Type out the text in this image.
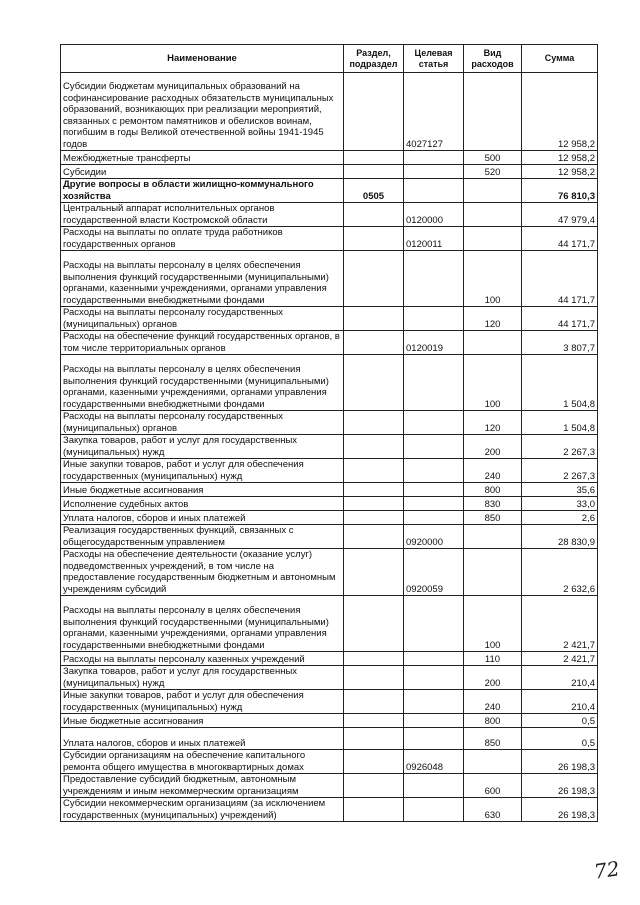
Наименование	Раздел, подраздел	Целевая статья	Вид расходов	Сумма
Субсидии бюджетам муниципальных образований на софинансирование расходных обязательств муниципальных образований, возникающих при реализации мероприятий, связанных с ремонтом памятников и обелисков воинам, погибшим в годы Великой отечественной войны 1941-1945 годов		4027127		12 958,2
Межбюджетные трансферты			500	12 958,2
Субсидии			520	12 958,2
Другие вопросы в области жилищно-коммунального хозяйства	0505			76 810,3
Центральный аппарат исполнительных органов государственной власти Костромской области		0120000		47 979,4
Расходы на выплаты по оплате труда работников государственных органов		0120011		44 171,7
Расходы на выплаты персоналу в целях обеспечения выполнения функций государственными (муниципальными) органами, казенными учреждениями, органами управления государственными внебюджетными фондами			100	44 171,7
Расходы на выплаты персоналу государственных (муниципальных) органов			120	44 171,7
Расходы на обеспечение функций государственных органов, в том числе территориальных органов		0120019		3 807,7
Расходы на выплаты персоналу в целях обеспечения выполнения функций государственными (муниципальными) органами, казенными учреждениями, органами управления государственными внебюджетными фондами			100	1 504,8
Расходы на выплаты персоналу государственных (муниципальных) органов			120	1 504,8
Закупка товаров, работ и услуг для государственных (муниципальных) нужд			200	2 267,3
Иные закупки товаров, работ и услуг для обеспечения государственных (муниципальных) нужд			240	2 267,3
Иные бюджетные ассигнования			800	35,6
Исполнение судебных актов			830	33,0
Уплата налогов, сборов и иных платежей			850	2,6
Реализация государственных функций, связанных с общегосударственным управлением		0920000		28 830,9
Расходы на обеспечение деятельности (оказание услуг) подведомственных учреждений, в том числе на предоставление государственным бюджетным и автономным учреждениям субсидий		0920059		2 632,6
Расходы на выплаты персоналу в целях обеспечения выполнения функций государственными (муниципальными) органами, казенными учреждениями, органами управления государственными внебюджетными фондами			100	2 421,7
Расходы на выплаты персоналу казенных учреждений			110	2 421,7
Закупка товаров, работ и услуг для государственных (муниципальных) нужд			200	210,4
Иные закупки товаров, работ и услуг для обеспечения государственных (муниципальных) нужд			240	210,4
Иные бюджетные ассигнования			800	0,5
Уплата налогов, сборов и иных платежей			850	0,5
Субсидии организациям на обеспечение капитального ремонта общего имущества в многоквартирных домах		0926048		26 198,3
Предоставление субсидий бюджетным, автономным учреждениям и иным некоммерческим организациям			600	26 198,3
Субсидии некоммерческим организациям (за исключением государственных (муниципальных) учреждений)			630	26 198,3
72
